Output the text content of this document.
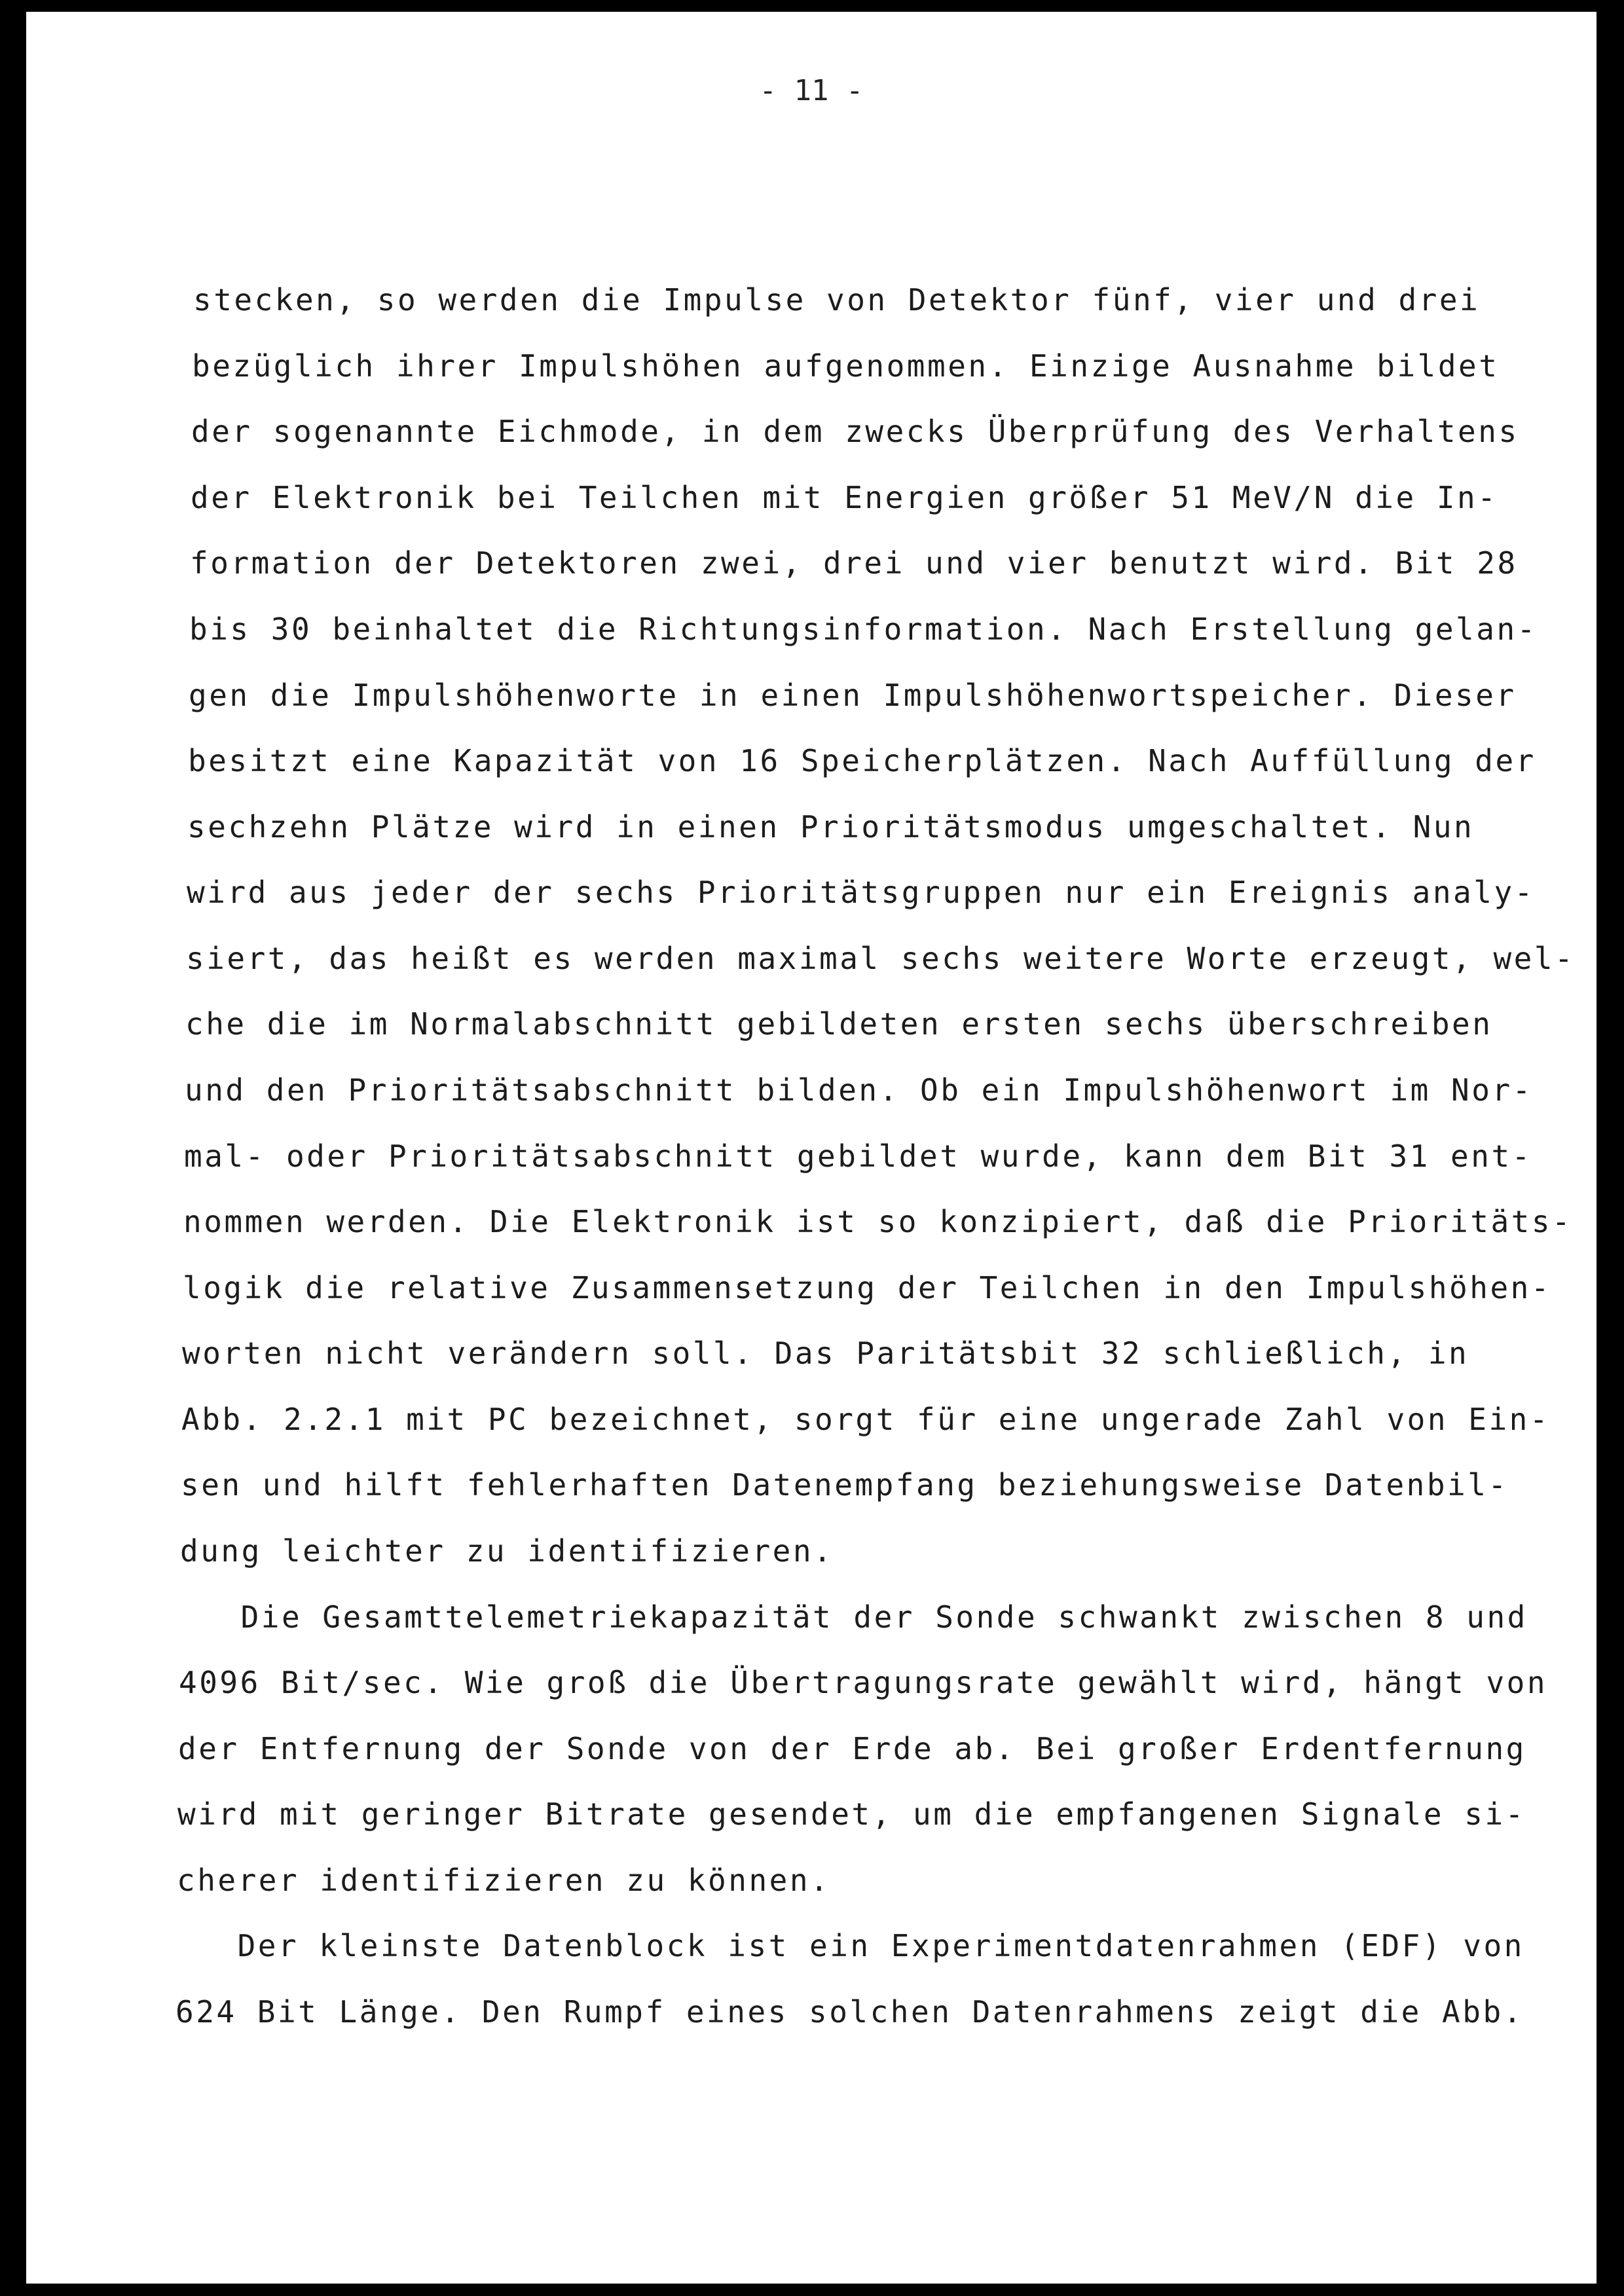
- 11 -
stecken, so werden die Impulse von Detektor fünf, vier und drei
bezüglich ihrer Impulshöhen aufgenommen. Einzige Ausnahme bildet
der sogenannte Eichmode, in dem zwecks Überprüfung des Verhaltens
der Elektronik bei Teilchen mit Energien größer 51 MeV/N die In-
formation der Detektoren zwei, drei und vier benutzt wird. Bit 28
bis 30 beinhaltet die Richtungsinformation. Nach Erstellung gelan-
gen die Impulshöhenworte in einen Impulshöhenwortspeicher. Dieser
besitzt eine Kapazität von 16 Speicherplätzen. Nach Auffüllung der
sechzehn Plätze wird in einen Prioritätsmodus umgeschaltet. Nun
wird aus jeder der sechs Prioritätsgruppen nur ein Ereignis analy-
siert, das heißt es werden maximal sechs weitere Worte erzeugt, wel-
che die im Normalabschnitt gebildeten ersten sechs überschreiben
und den Prioritätsabschnitt bilden. Ob ein Impulshöhenwort im Nor-
mal- oder Prioritätsabschnitt gebildet wurde, kann dem Bit 31 ent-
nommen werden. Die Elektronik ist so konzipiert, daß die Prioritäts-
logik die relative Zusammensetzung der Teilchen in den Impulshöhen-
worten nicht verändern soll. Das Paritätsbit 32 schließlich, in
Abb. 2.2.1 mit PC bezeichnet, sorgt für eine ungerade Zahl von Ein-
sen und hilft fehlerhaften Datenempfang beziehungsweise Datenbil-
dung leichter zu identifizieren.
Die Gesamttelemetriekapazität der Sonde schwankt zwischen 8 und
4096 Bit/sec. Wie groß die Übertragungsrate gewählt wird, hängt von
der Entfernung der Sonde von der Erde ab. Bei großer Erdentfernung
wird mit geringer Bitrate gesendet, um die empfangenen Signale si-
cherer identifizieren zu können.
Der kleinste Datenblock ist ein Experimentdatenrahmen (EDF) von
624 Bit Länge. Den Rumpf eines solchen Datenrahmens zeigt die Abb.
